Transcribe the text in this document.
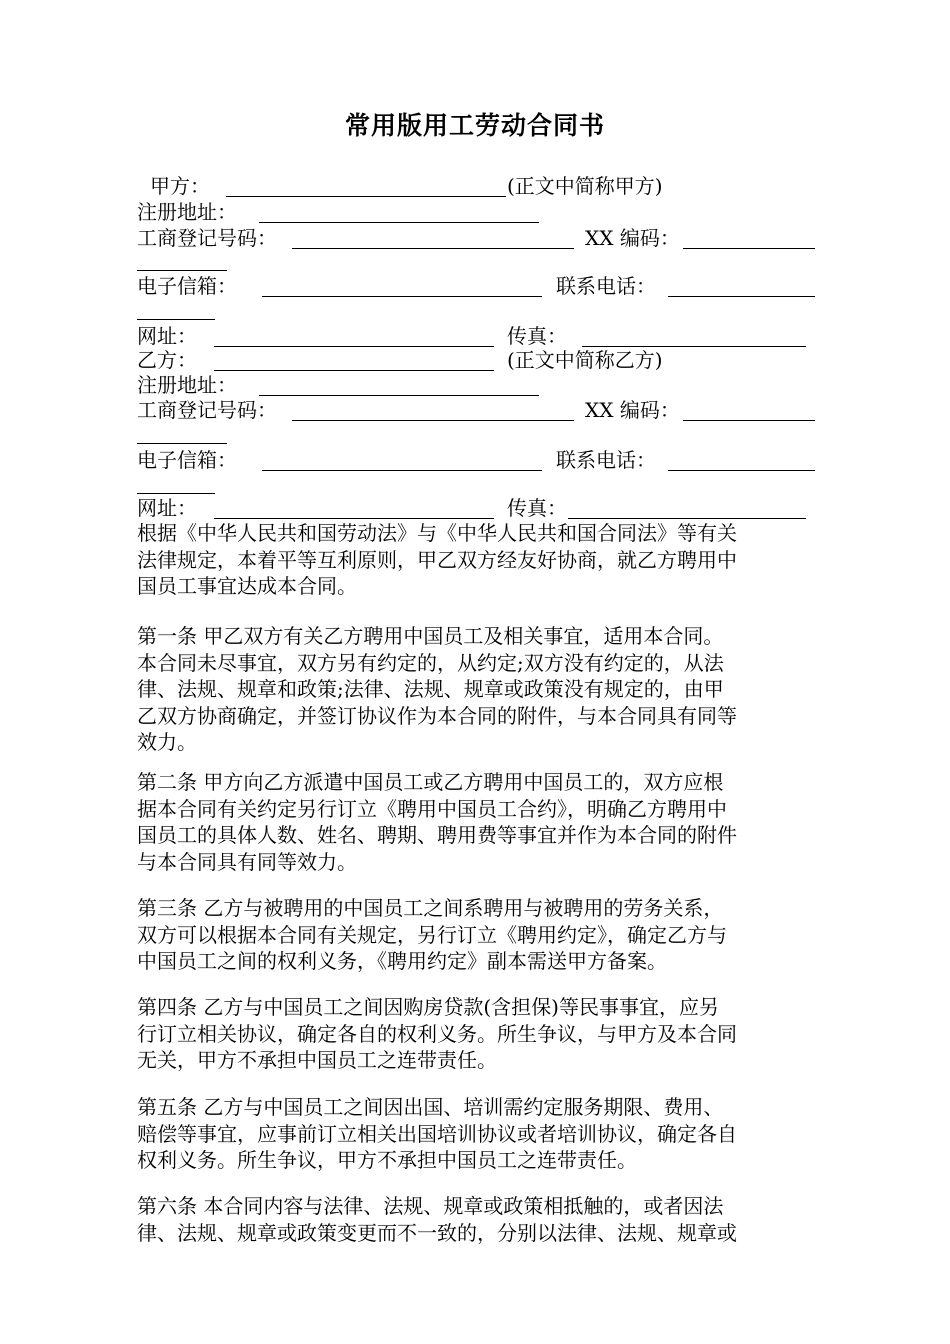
常用版用工劳动合同书
甲方：	(正文中简称甲方)
注册地址：
工商登记号码：	XX 编码：
电子信箱：	联系电话：
网址：	传真：
乙方：	(正文中简称乙方)
注册地址：
工商登记号码：	XX 编码：
电子信箱：	联系电话：
网址：	传真：
根据《中华人民共和国劳动法》与《中华人民共和国合同法》等有关
法律规定，本着平等互利原则，甲乙双方经友好协商，就乙方聘用中
国员工事宜达成本合同。
第一条 甲乙双方有关乙方聘用中国员工及相关事宜，适用本合同。
本合同未尽事宜，双方另有约定的，从约定;双方没有约定的，从法
律、法规、规章和政策;法律、法规、规章或政策没有规定的，由甲
乙双方协商确定，并签订协议作为本合同的附件，与本合同具有同等
效力。
第二条 甲方向乙方派遣中国员工或乙方聘用中国员工的，双方应根
据本合同有关约定另行订立《聘用中国员工合约》，明确乙方聘用中
国员工的具体人数、姓名、聘期、聘用费等事宜并作为本合同的附件
与本合同具有同等效力。
第三条 乙方与被聘用的中国员工之间系聘用与被聘用的劳务关系，
双方可以根据本合同有关规定，另行订立《聘用约定》，确定乙方与
中国员工之间的权利义务，《聘用约定》副本需送甲方备案。
第四条 乙方与中国员工之间因购房贷款(含担保)等民事事宜，应另
行订立相关协议，确定各自的权利义务。所生争议，与甲方及本合同
无关，甲方不承担中国员工之连带责任。
第五条 乙方与中国员工之间因出国、培训需约定服务期限、费用、
赔偿等事宜，应事前订立相关出国培训协议或者培训协议，确定各自
权利义务。所生争议，甲方不承担中国员工之连带责任。
第六条 本合同内容与法律、法规、规章或政策相抵触的，或者因法
律、法规、规章或政策变更而不一致的，分别以法律、法规、规章或
